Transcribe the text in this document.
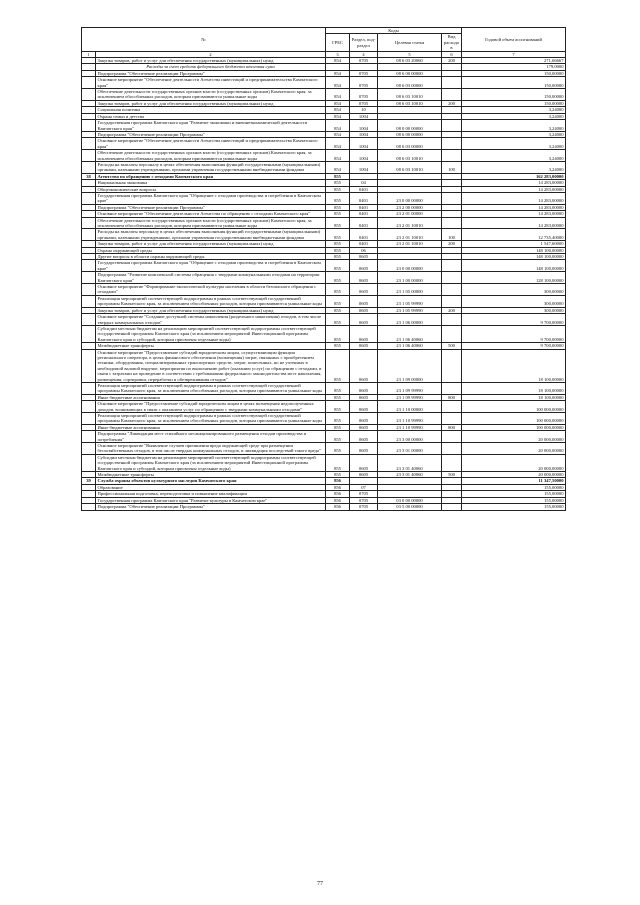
№		Коды				Годовой объем ассигнований
		ГРБС	Раздел, под-раздел	Целевая статья	Вид расходов	
1	2	3	4	5	6	7
	Закупка товаров, работ и услуг для обеспечения государственных (муниципальных) нужд	854	0705	08 6 03 20060	200	271,66667
	Расходы за счет средств федерального бюджета итоговая сума					179,0000
	Подпрограмма "Обеспечение реализации Программы"	854	0705	08 6 00 00000		150,00000
	Основное мероприятие "Обеспечение деятельности Агентства инвестиций и предпринимательства Камчатского края"	854	0705	08 6 03 00000		150,00000
	Обеспечение деятельности государственных органов власти (государственных органов) Камчатского края, за исключением обособленных расходов, которым присваиваются уникальные коды	854	0705	08 6 03 10010		150,00000
	Закупка товаров, работ и услуг для обеспечения государственных (муниципальных) нужд	854	0705	08 6 03 10010	200	150,00000
	Социальная политика	854	10			3,24000
	Охрана семьи и детства	854	1004			3,24000
	Государственная программа Камчатского края "Развитие экономики и внешнеэкономической деятельности Камчатского края"	854	1004	08 0 00 00000		3,24000
	Подпрограмма "Обеспечение реализации Программы"	854	1004	08 6 00 00000		3,24000
	Основное мероприятие "Обеспечение деятельности Агентства инвестиций и предпринимательства Камчатского края"	854	1004	08 6 03 00000		3,24000
	Обеспечение деятельности государственных органов власти (государственных органов) Камчатского края, за исключением обособленных расходов, которым присваиваются уникальные коды	854	1004	08 6 03 10010		3,24000
	Расходы на выплаты персоналу в целях обеспечения выполнения функций государственными (муниципальными) органами, казенными учреждениями, органами управления государственными внебюджетными фондами	854	1004	08 6 03 10010	100	3,24000
38	Агентство по обращению с отходами Камчатского края	855				162 283,00000
	Национальная экономика	855	04			14 283,00000
	Общеэкономические вопросы	855	0401			14 283,00000
	Государственная программа Камчатского края "Обращение с отходами производства и потребления в Камчатском крае"	855	0401	23 0 00 00000		14 283,00000
	Подпрограмма "Обеспечение реализации Программы"	855	0401	23 2 00 00000		14 283,00000
	Основное мероприятие "Обеспечение деятельности Агентства по обращению с отходами Камчатского края"	855	0401	23 2 01 00000		14 283,00000
	Обеспечение деятельности государственных органов власти (государственных органов) Камчатского края, за исключением обособленных расходов, которым присваиваются уникальные коды	855	0401	23 2 01 10010		14 283,00000
	Расходы на выплаты персоналу в целях обеспечения выполнения функций государственными (муниципальными) органами, казенными учреждениями, органами управления государственными внебюджетными фондами	855	0401	23 2 01 10010	100	12 735,40000
	Закупка товаров, работ и услуг для обеспечения государственных (муниципальных) нужд	855	0401	23 2 01 10010	200	1 547,60000
	Охрана окружающей среды	855	06			148 100,00000
	Другие вопросы в области охраны окружающей среды	855	0605			148 100,00000
	Государственная программа Камчатского края "Обращение с отходами производства и потребления в Камчатском крае"	855	0605	23 0 00 00000		148 100,00000
	Подпрограмма "Развитие комплексной системы обращения с твердыми коммунальными отходами на территории Камчатского края"	855	0605	23 1 00 00000		128 100,00000
	Основное мероприятие "Формирование экологической культуры населения в области безопасного обращения с отходами"	855	0605	23 1 05 00000		300,00000
	Реализация мероприятий соответствующей подпрограммы в рамках соответствующей государственной программы Камчатского края, за исключением обособленных расходов, которым присваиваются уникальные коды	855	0605	23 1 05 99990		300,00000
	Закупка товаров, работ и услуг для обеспечения государственных (муниципальных) нужд	855	0605	23 1 05 99990	200	300,00000
	Основное мероприятие "Создание доступной системы накопления (раздельного накопления) отходов, в том числе твердых коммунальных отходов"	855	0605	23 1 06 00000		9 700,00000
	Субсидии местным бюджетам на реализацию мероприятий соответствующей подпрограммы соответствующей государственной программы Камчатского края (за исключением мероприятий Инвестиционной программы Камчатского края и субсидий, которым присвоены отдельные коды)	855	0605	23 1 06 40060		9 700,00000
	Межбюджетные трансферты	855	0605	23 1 06 40060	500	9 700,00000
	Основное мероприятие "Предоставление субсидий юридическим лицам, осуществляющим функции регионального оператора, в целях финансового обеспечения (возмещения) затрат, связанных с приобретением техники, оборудования, специализированных транспортных средств, затрат, понесенных, но не учтенных в необходимой валовой выручке, мероприятия по выполнению работ (оказанию услуг) по обращению с отходами, в связи с затратами на проведение в соответствии с требованиями федерального законодательства мест накопления, размещения, сортировки, переработки и обезвреживания отходов"	855	0605	23 1 09 00000		18 100,00000
	Реализация мероприятий соответствующей подпрограммы в рамках соответствующей государственной программы Камчатского края, за исключением обособленных расходов, которым присваиваются уникальные коды	855	0605	23 1 09 99990		18 100,00000
	Иные бюджетные ассигнования	855	0605	23 1 09 99990	800	18 100,00000
	Основное мероприятие "Предоставление субсидий юридическим лицам в целях возмещения недополученных доходов, возникающих в связи с оказанием услуг по обращению с твердыми коммунальными отходами"	855	0605	23 1 10 00000		100 000,00000
	Реализация мероприятий соответствующей подпрограммы в рамках соответствующей государственной программы Камчатского края, за исключением обособленных расходов, которым присваиваются уникальные коды	855	0605	23 1 10 99990		100 000,00000
	Иные бюджетные ассигнования	855	0605	23 1 10 99990	800	100 000,00000
	Подпрограмма "Ликвидация мест стихийного несанкционированного размещения отходов производства и потребления"	855	0605	23 3 00 00000		20 000,00000
	Основное мероприятие "Выявление случаев причинения вреда окружающей среде при размещении бесхозяйственных отходов, в том числе твердых коммунальных отходов, и ликвидация последствий такого вреда"	855	0605	23 3 01 00000		20 000,00000
	Субсидии местным бюджетам на реализацию мероприятий соответствующей подпрограммы соответствующей государственной программы Камчатского края (за исключением мероприятий Инвестиционной программы Камчатского края и субсидий, которым присвоены отдельные коды)	855	0605	23 3 01 40060		20 000,00000
	Межбюджетные трансферты	855	0605	23 3 01 40060	500	20 000,00000
39	Служба охраны объектов культурного наследия Камчатского края	856				11 347,50000
	Образование	856	07			155,00000
	Профессиональная подготовка, переподготовка и повышение квалификации	856	0705			155,00000
	Государственная программа Камчатского края "Развитие культуры в Камчатском крае"	856	0705	03 0 00 00000		155,00000
	Подпрограмма "Обеспечение реализации Программы"	856	0705	03 5 00 00000		155,00000
77
